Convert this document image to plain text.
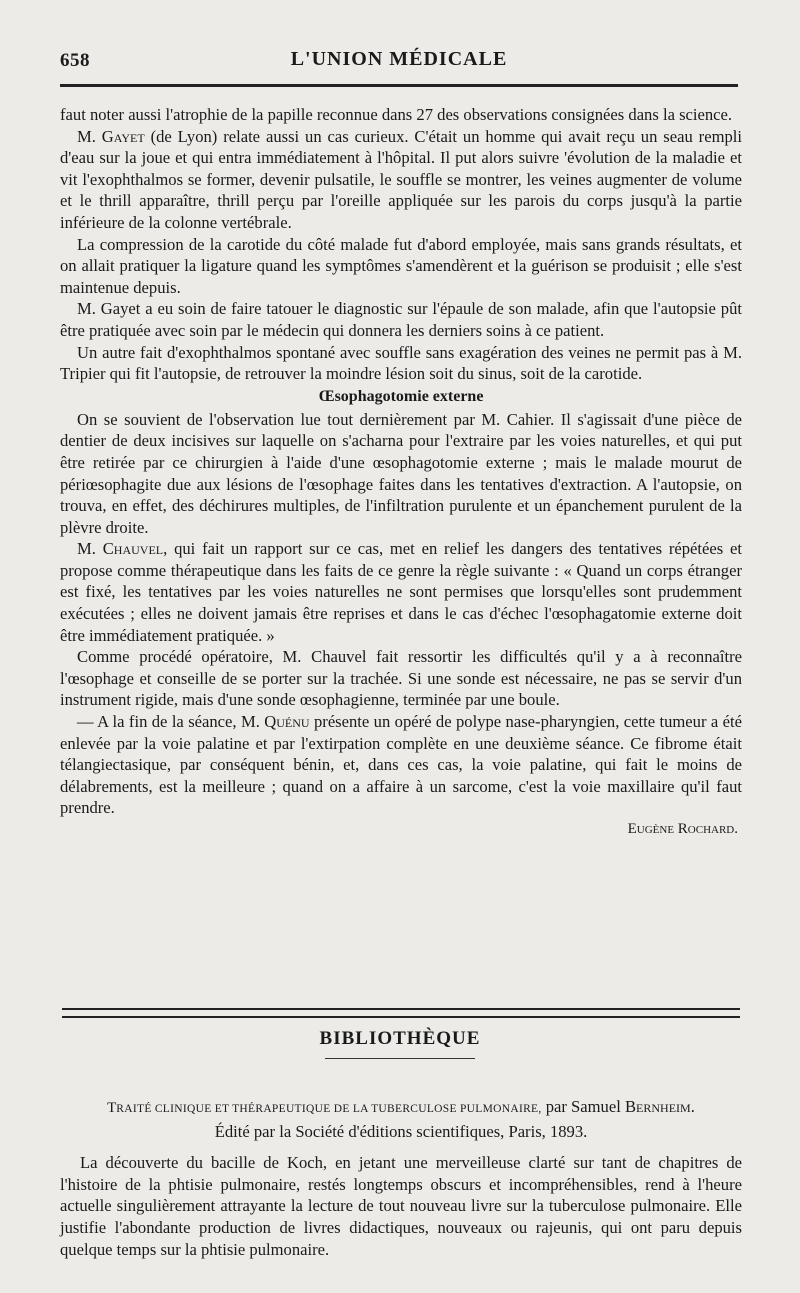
658	L'UNION MÉDICALE

faut noter aussi l'atrophie de la papille reconnue dans 27 des observations consignées dans la science.

M. Gayet (de Lyon) relate aussi un cas curieux. C'était un homme qui avait reçu un seau rempli d'eau sur la joue et qui entra immédiatement à l'hôpital. Il put alors suivre 'évolution de la maladie et vit l'exophthalmos se former, devenir pulsatile, le souffle se montrer, les veines augmenter de volume et le thrill apparaître, thrill perçu par l'oreille appliquée sur les parois du corps jusqu'à la partie inférieure de la colonne vertébrale.

La compression de la carotide du côté malade fut d'abord employée, mais sans grands résultats, et on allait pratiquer la ligature quand les symptômes s'amendèrent et la guérison se produisit ; elle s'est maintenue depuis.

M. Gayet a eu soin de faire tatouer le diagnostic sur l'épaule de son malade, afin que l'autopsie pût être pratiquée avec soin par le médecin qui donnera les derniers soins à ce patient.

Un autre fait d'exophthalmos spontané avec souffle sans exagération des veines ne permit pas à M. Tripier qui fit l'autopsie, de retrouver la moindre lésion soit du sinus, soit de la carotide.

Œsophagotomie externe

On se souvient de l'observation lue tout dernièrement par M. Cahier. Il s'agissait d'une pièce de dentier de deux incisives sur laquelle on s'acharna pour l'extraire par les voies naturelles, et qui put être retirée par ce chirurgien à l'aide d'une œsophagotomie externe ; mais le malade mourut de périœsophagite due aux lésions de l'œsophage faites dans les tentatives d'extraction. A l'autopsie, on trouva, en effet, des déchirures multiples, de l'infiltration purulente et un épanchement purulent de la plèvre droite.

M. Chauvel, qui fait un rapport sur ce cas, met en relief les dangers des tentatives répétées et propose comme thérapeutique dans les faits de ce genre la règle suivante : « Quand un corps étranger est fixé, les tentatives par les voies naturelles ne sont permises que lorsqu'elles sont prudemment exécutées ; elles ne doivent jamais être reprises et dans le cas d'échec l'œsophagatomie externe doit être immédiatement pratiquée. »

Comme procédé opératoire, M. Chauvel fait ressortir les difficultés qu'il y a à reconnaître l'œsophage et conseille de se porter sur la trachée. Si une sonde est nécessaire, ne pas se servir d'un instrument rigide, mais d'une sonde œsophagienne, terminée par une boule.

— A la fin de la séance, M. Quénu présente un opéré de polype nase-pharyngien, cette tumeur a été enlevée par la voie palatine et par l'extirpation complète en une deuxième séance. Ce fibrome était télangiectasique, par conséquent bénin, et, dans ces cas, la voie palatine, qui fait le moins de délabrements, est la meilleure ; quand on a affaire à un sarcome, c'est la voie maxillaire qu'il faut prendre.

Eugène Rochard.

BIBLIOTHÈQUE

TRAITÉ CLINIQUE ET THÉRAPEUTIQUE DE LA TUBERCULOSE PULMONAIRE, par Samuel Bernheim.
Édité par la Société d'éditions scientifiques, Paris, 1893.

La découverte du bacille de Koch, en jetant une merveilleuse clarté sur tant de chapitres de l'histoire de la phtisie pulmonaire, restés longtemps obscurs et incompréhensibles, rend à l'heure actuelle singulièrement attrayante la lecture de tout nouveau livre sur la tuberculose pulmonaire. Elle justifie l'abondante production de livres didactiques, nouveaux ou rajeunis, qui ont paru depuis quelque temps sur la phtisie pulmonaire.
